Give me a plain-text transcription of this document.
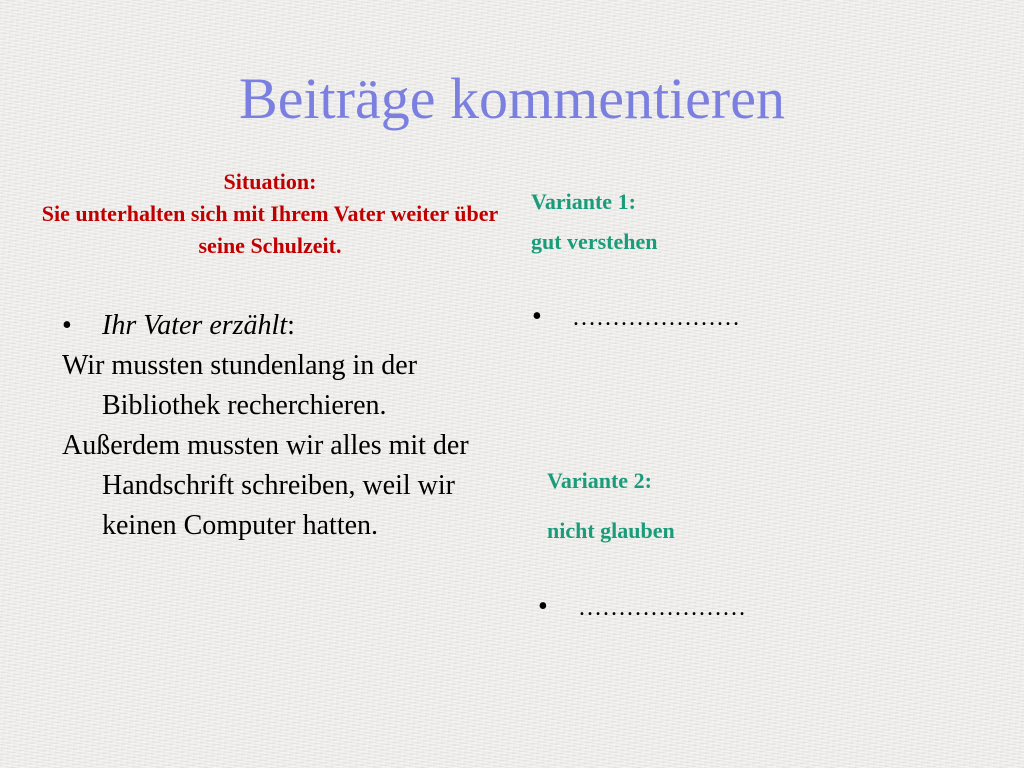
Beiträge kommentieren
Situation:
Sie unterhalten sich mit Ihrem Vater weiter über seine Schulzeit.
• Ihr Vater erzählt:
Wir mussten stundenlang in der Bibliothek recherchieren.
Außerdem mussten wir alles mit der Handschrift schreiben, weil wir keinen Computer hatten.
Variante 1:
gut verstehen
• …………………
Variante 2:
nicht glauben
• …………………
